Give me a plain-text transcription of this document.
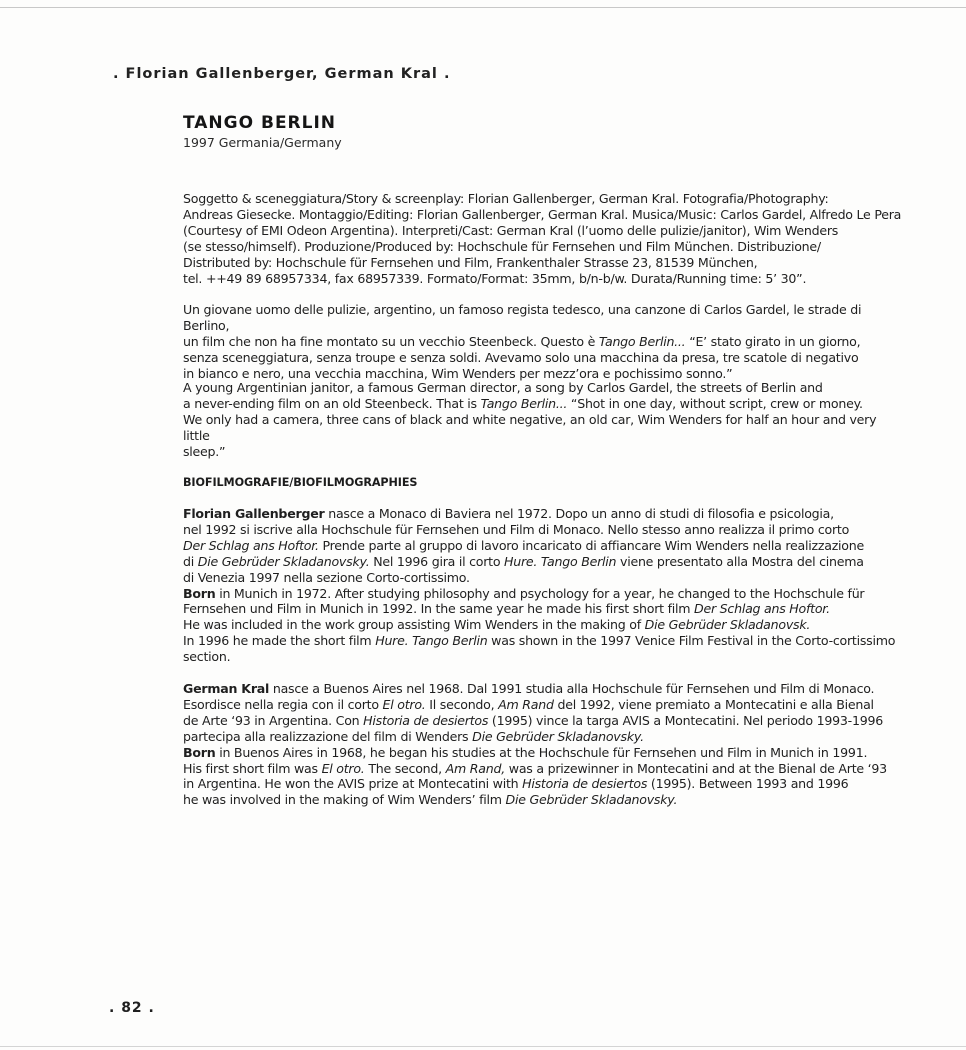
. Florian Gallenberger, German Kral .
TANGO BERLIN
1997 Germania/Germany

Soggetto & sceneggiatura/Story & screenplay: Florian Gallenberger, German Kral. Fotografia/Photography:

Andreas Giesecke. Montaggio/Editing: Florian Gallenberger, German Kral. Musica/Music: Carlos Gardel, Alfredo Le Pera

(Courtesy of EMI Odeon Argentina). Interpreti/Cast: German Kral (l’uomo delle pulizie/janitor), Wim Wenders

(se stesso/himself). Produzione/Produced by: Hochschule für Fernsehen und Film München. Distribuzione/

Distributed by: Hochschule für Fernsehen und Film, Frankenthaler Strasse 23, 81539 München,

tel. ++49 89 68957334, fax 68957339. Formato/Format: 35mm, b/n-b/w. Durata/Running time: 5’ 30”.

Un giovane uomo delle pulizie, argentino, un famoso regista tedesco, una canzone di Carlos Gardel, le strade di Berlino,

un film che non ha fine montato su un vecchio Steenbeck. Questo è Tango Berlin... “E’ stato girato in un giorno,

senza sceneggiatura, senza troupe e senza soldi. Avevamo solo una macchina da presa, tre scatole di negativo

in bianco e nero, una vecchia macchina, Wim Wenders per mezz’ora e pochissimo sonno.”

A young Argentinian janitor, a famous German director, a song by Carlos Gardel, the streets of Berlin and

a never-ending film on an old Steenbeck. That is Tango Berlin... “Shot in one day, without script, crew or money.

We only had a camera, three cans of black and white negative, an old car, Wim Wenders for half an hour and very little

sleep.”

BIOFILMOGRAFIE/BIOFILMOGRAPHIES

Florian Gallenberger nasce a Monaco di Baviera nel 1972. Dopo un anno di studi di filosofia e psicologia,

nel 1992 si iscrive alla Hochschule für Fernsehen und Film di Monaco. Nello stesso anno realizza il primo corto

Der Schlag ans Hoftor. Prende parte al gruppo di lavoro incaricato di affiancare Wim Wenders nella realizzazione

di Die Gebrüder Skladanovsky. Nel 1996 gira il corto Hure. Tango Berlin viene presentato alla Mostra del cinema

di Venezia 1997 nella sezione Corto-cortissimo.

Born in Munich in 1972. After studying philosophy and psychology for a year, he changed to the Hochschule für

Fernsehen und Film in Munich in 1992. In the same year he made his first short film Der Schlag ans Hoftor.

He was included in the work group assisting Wim Wenders in the making of Die Gebrüder Skladanovsk.

In 1996 he made the short film Hure. Tango Berlin was shown in the 1997 Venice Film Festival in the Corto-cortissimo

section.

German Kral nasce a Buenos Aires nel 1968. Dal 1991 studia alla Hochschule für Fernsehen und Film di Monaco.

Esordisce nella regia con il corto El otro. Il secondo, Am Rand del 1992, viene premiato a Montecatini e alla Bienal

de Arte ‘93 in Argentina. Con Historia de desiertos (1995) vince la targa AVIS a Montecatini. Nel periodo 1993-1996

partecipa alla realizzazione del film di Wenders Die Gebrüder Skladanovsky.

Born in Buenos Aires in 1968, he began his studies at the Hochschule für Fernsehen und Film in Munich in 1991.

His first short film was El otro. The second, Am Rand, was a prizewinner in Montecatini and at the Bienal de Arte ‘93

in Argentina. He won the AVIS prize at Montecatini with Historia de desiertos (1995). Between 1993 and 1996

he was involved in the making of Wim Wenders’ film Die Gebrüder Skladanovsky.

. 82 .
